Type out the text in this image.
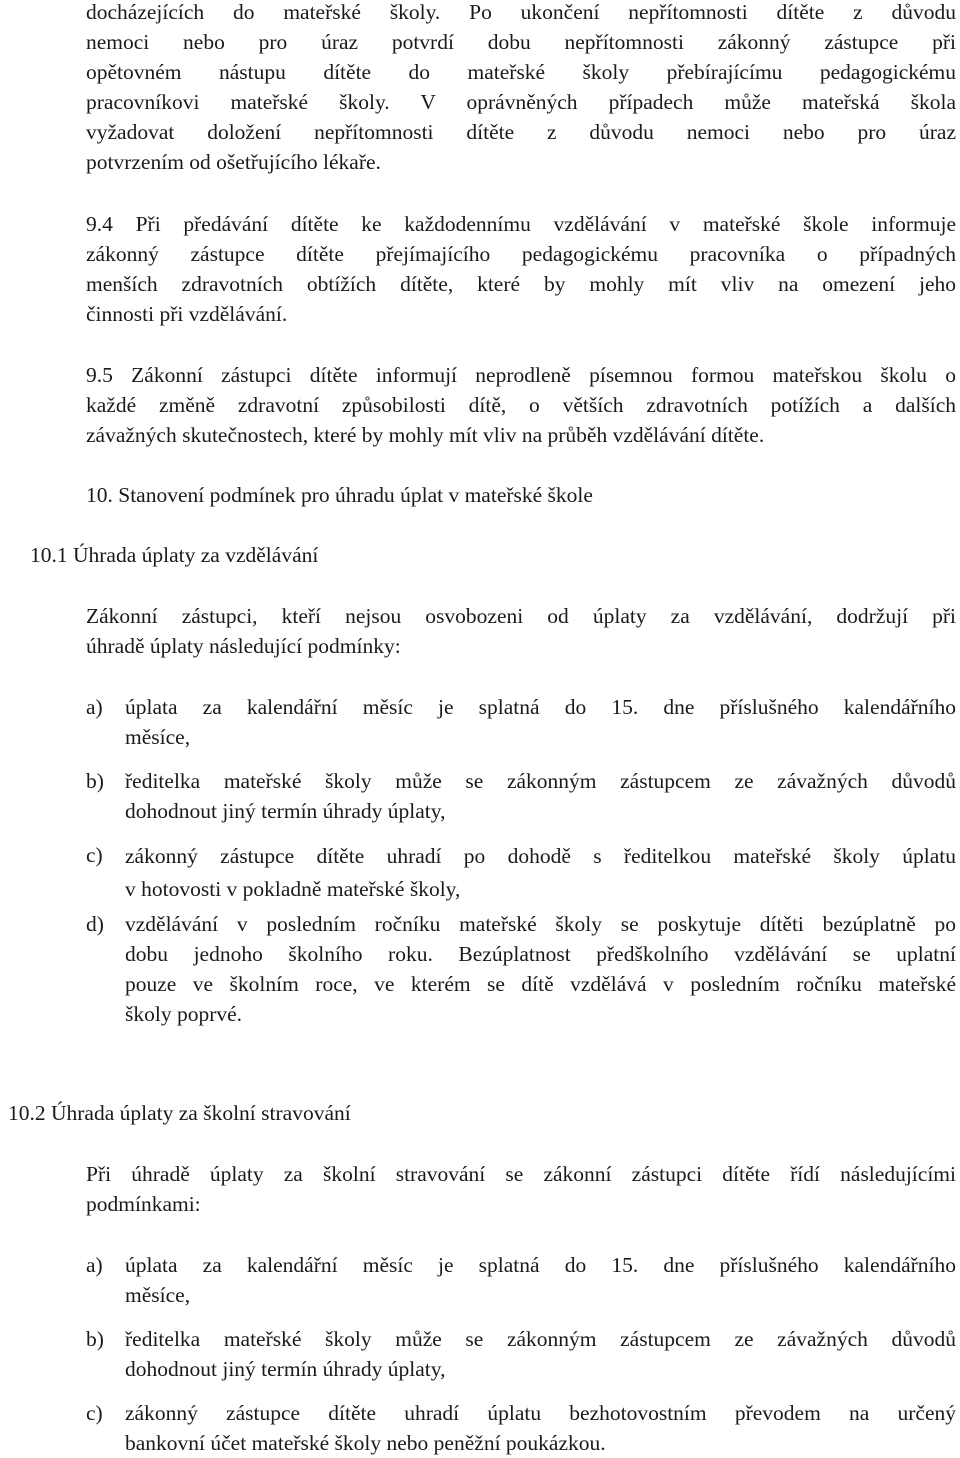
docházejících do mateřské školy. Po ukončení nepřítomnosti dítěte z důvodu
nemoci nebo pro úraz potvrdí dobu nepřítomnosti zákonný zástupce při
opětovném nástupu dítěte do mateřské školy přebírajícímu pedagogickému
pracovníkovi mateřské školy. V oprávněných případech může mateřská škola
vyžadovat doložení nepřítomnosti dítěte z důvodu nemoci nebo pro úraz
potvrzením od ošetřujícího lékaře.
9.4 Při předávání dítěte ke každodennímu vzdělávání v mateřské škole informuje
zákonný zástupce dítěte přejímajícího pedagogickému pracovníka o případných
menších zdravotních obtížích dítěte, které by mohly mít vliv na omezení jeho
činnosti při vzdělávání.
9.5 Zákonní zástupci dítěte informují neprodleně písemnou formou mateřskou školu o
každé změně zdravotní způsobilosti dítě, o větších zdravotních potížích a dalších
závažných skutečnostech, které by mohly mít vliv na průběh vzdělávání dítěte.
10. Stanovení podmínek pro úhradu úplat v mateřské škole
10.1 Úhrada úplaty za vzdělávání
Zákonní zástupci, kteří nejsou osvobozeni od úplaty za vzdělávání, dodržují při
úhradě úplaty následující podmínky:
a)	úplata za kalendářní měsíc je splatná do 15. dne příslušného kalendářního
měsíce,
b) ředitelka mateřské školy může se zákonným zástupcem ze závažných důvodů
dohodnout jiný termín úhrady úplaty,
c)	zákonný zástupce dítěte uhradí po dohodě s ředitelkou mateřské školy úplatu
v hotovosti v pokladně mateřské školy,
d) vzdělávání v posledním ročníku mateřské školy se poskytuje dítěti bezúplatně po
dobu jednoho školního roku. Bezúplatnost předškolního vzdělávání se uplatní
pouze ve školním roce, ve kterém se dítě vzdělává v posledním ročníku mateřské
školy poprvé.
10.2 Úhrada úplaty za školní stravování
Při úhradě úplaty za školní stravování se zákonní zástupci dítěte řídí následujícími
podmínkami:
a)	úplata za kalendářní měsíc je splatná do 15. dne příslušného kalendářního
měsíce,
b) ředitelka mateřské školy může se zákonným zástupcem ze závažných důvodů
dohodnout jiný termín úhrady úplaty,
c)	zákonný zástupce dítěte uhradí úplatu bezhotovostním převodem na určený
bankovní účet mateřské školy nebo peněžní poukázkou.
